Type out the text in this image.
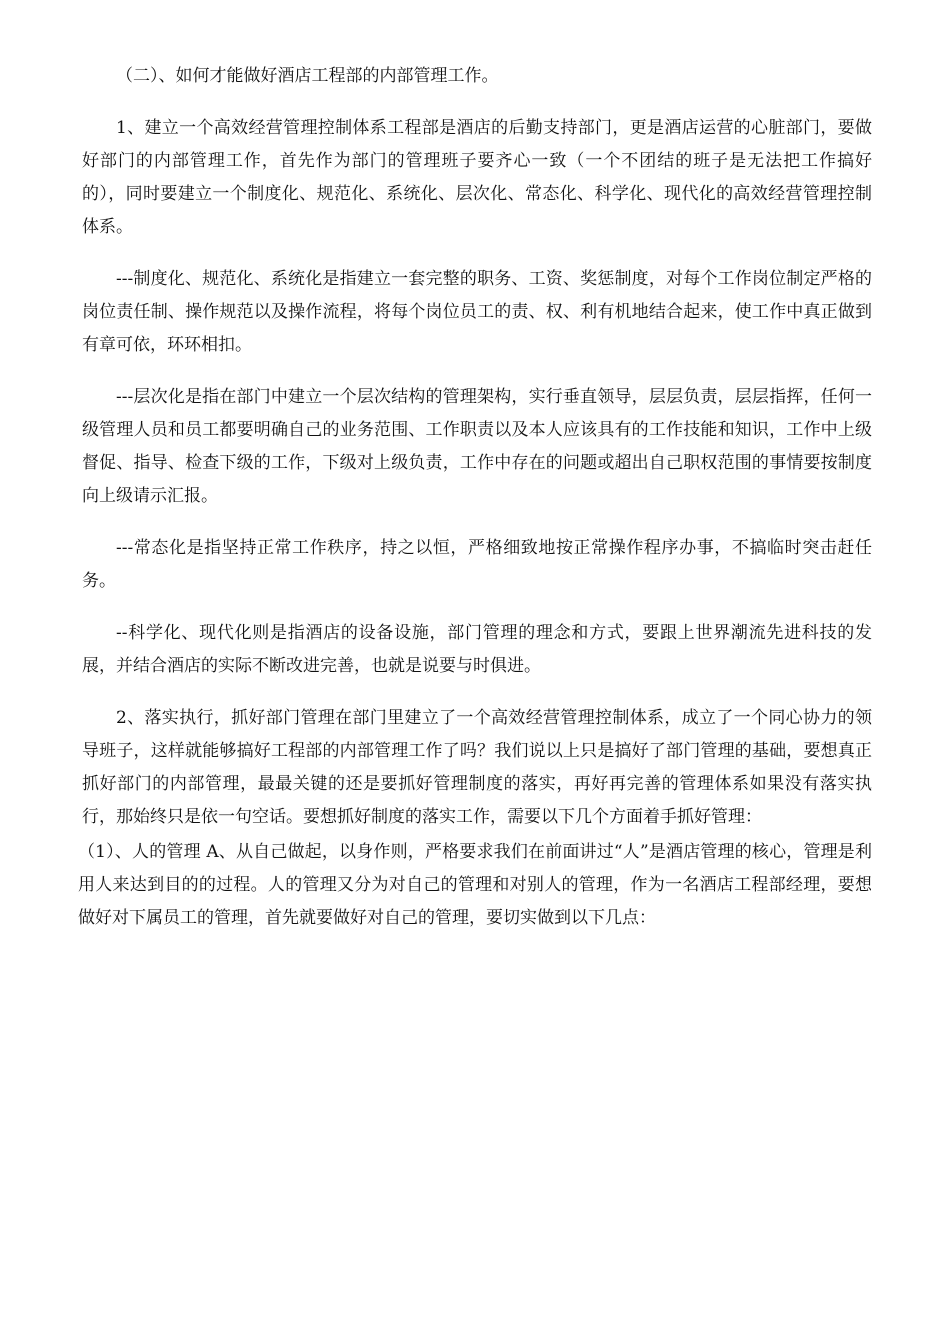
（二）、如何才能做好酒店工程部的内部管理工作。

1、建立一个高效经营管理控制体系工程部是酒店的后勤支持部门，更是酒店运营的心脏部门，要做好部门的内部管理工作，首先作为部门的管理班子要齐心一致（一个不团结的班子是无法把工作搞好的），同时要建立一个制度化、规范化、系统化、层次化、常态化、科学化、现代化的高效经营管理控制体系。

---制度化、规范化、系统化是指建立一套完整的职务、工资、奖惩制度，对每个工作岗位制定严格的岗位责任制、操作规范以及操作流程，将每个岗位员工的责、权、利有机地结合起来，使工作中真正做到有章可依，环环相扣。

---层次化是指在部门中建立一个层次结构的管理架构，实行垂直领导，层层负责，层层指挥，任何一级管理人员和员工都要明确自己的业务范围、工作职责以及本人应该具有的工作技能和知识，工作中上级督促、指导、检查下级的工作，下级对上级负责，工作中存在的问题或超出自己职权范围的事情要按制度向上级请示汇报。

---常态化是指坚持正常工作秩序，持之以恒，严格细致地按正常操作程序办事，不搞临时突击赶任务。

--科学化、现代化则是指酒店的设备设施，部门管理的理念和方式，要跟上世界潮流先进科技的发展，并结合酒店的实际不断改进完善，也就是说要与时俱进。

2、落实执行，抓好部门管理在部门里建立了一个高效经营管理控制体系，成立了一个同心协力的领导班子，这样就能够搞好工程部的内部管理工作了吗？我们说以上只是搞好了部门管理的基础，要想真正抓好部门的内部管理，最最关键的还是要抓好管理制度的落实，再好再完善的管理体系如果没有落实执行，那始终只是依一句空话。要想抓好制度的落实工作，需要以下几个方面着手抓好管理：

（1）、人的管理 A、从自己做起，以身作则，严格要求我们在前面讲过“人”是酒店管理的核心，管理是利用人来达到目的的过程。人的管理又分为对自己的管理和对别人的管理，作为一名酒店工程部经理，要想做好对下属员工的管理，首先就要做好对自己的管理，要切实做到以下几点：
